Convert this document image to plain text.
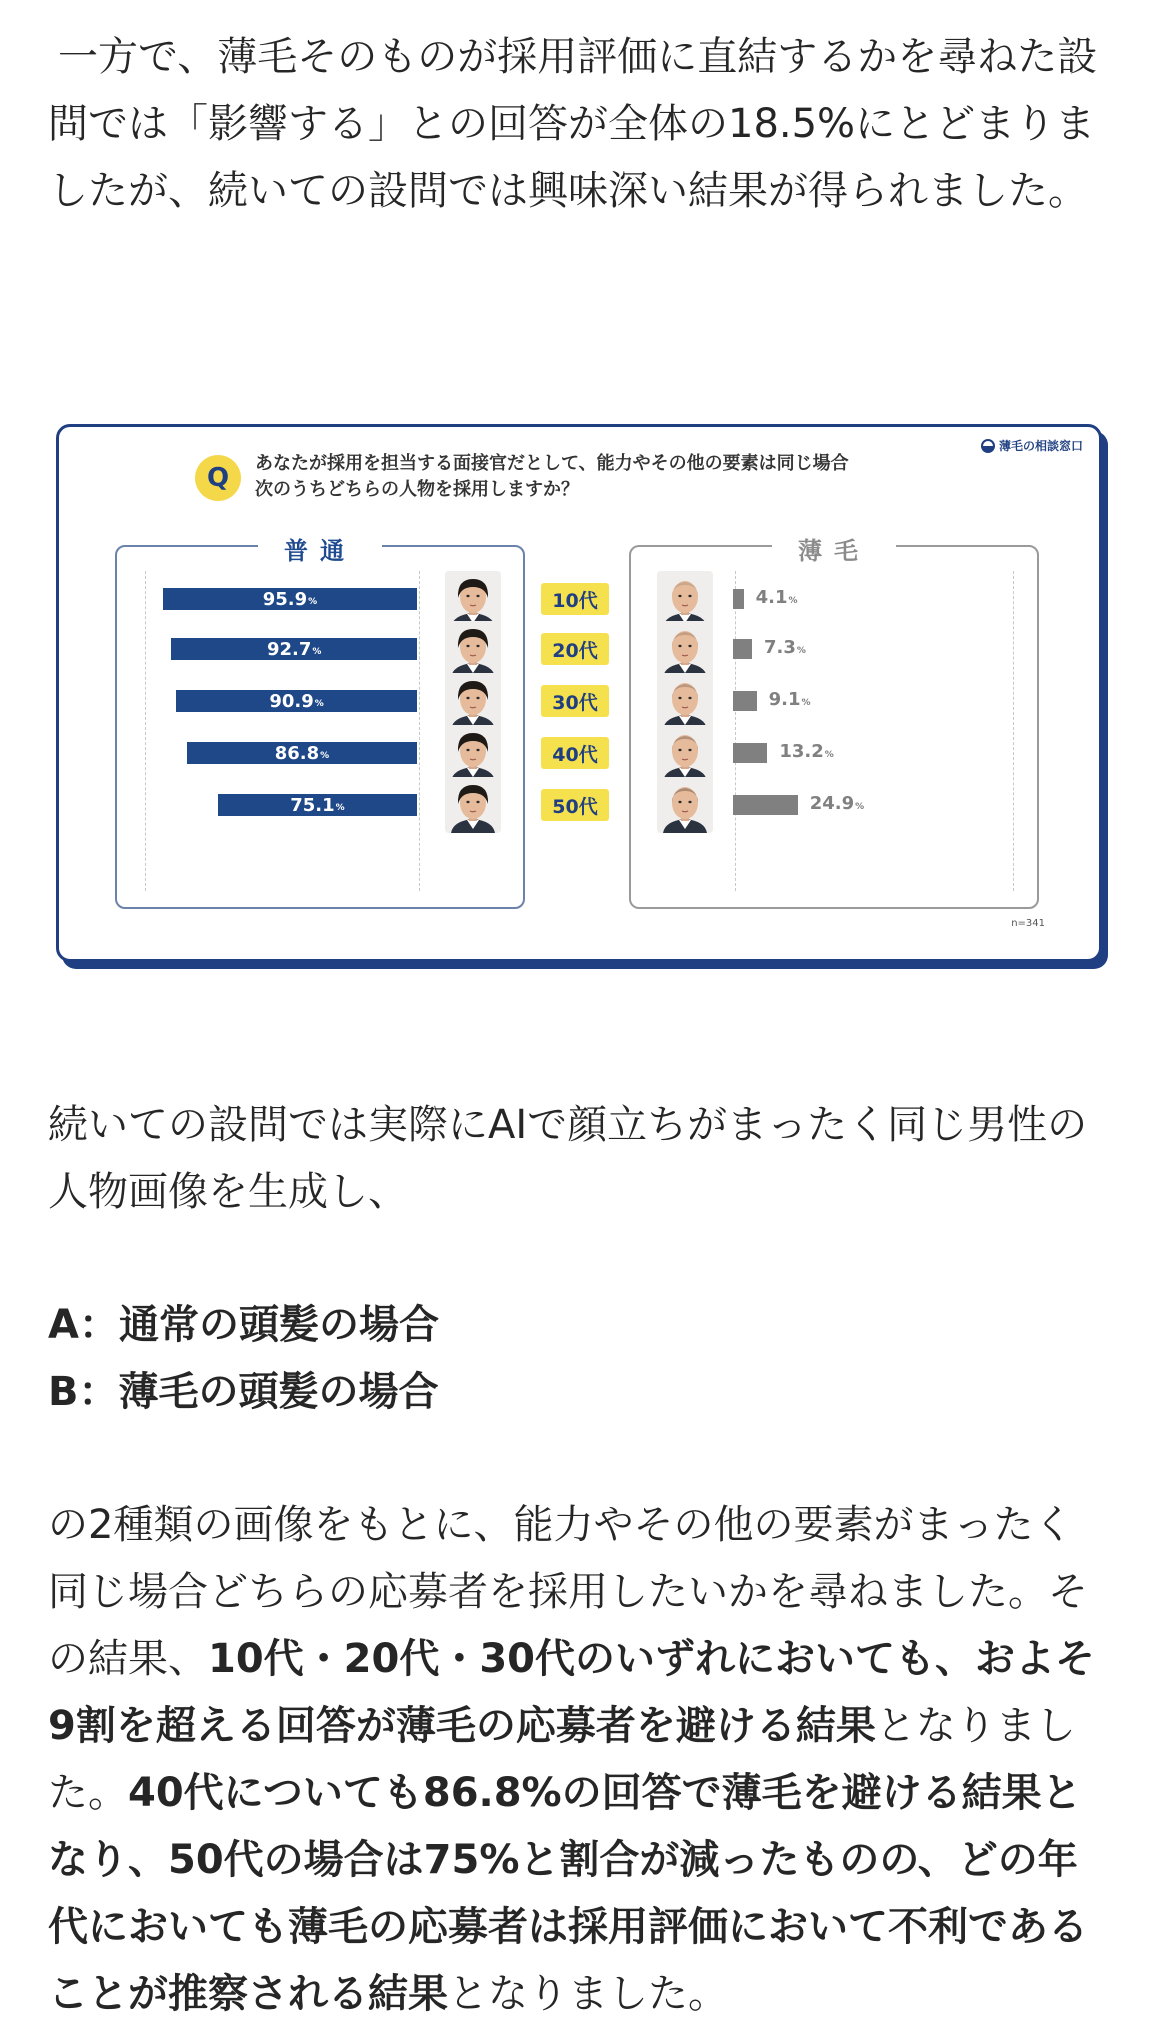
一方で、薄毛そのものが採用評価に直結するかを尋ねた設問では「影響する」との回答が全体の18.5%にとどまりましたが、続いての設問では興味深い結果が得られました。
薄毛の相談窓口
Q	あなたが採用を担当する面接官だとして、能力やその他の要素は同じ場合
次のうちどちらの人物を採用しますか？
普通	薄毛
95.9 %	10代	4.1%
92.7 %	20代	7.3%
90.9 %	30代	9.1%
86.8 %	40代	13.2%
75.1 %	50代	24.9%
n=341
続いての設問では実際にAIで顔立ちがまったく同じ男性の人物画像を生成し、
A：通常の頭髪の場合
B：薄毛の頭髪の場合
の2種類の画像をもとに、能力やその他の要素がまったく同じ場合どちらの応募者を採用したいかを尋ねました。その結果、10代・20代・30代のいずれにおいても、およそ9割を超える回答が薄毛の応募者を避ける結果となりました。40代についても86.8%の回答で薄毛を避ける結果となり、50代の場合は75%と割合が減ったものの、どの年代においても薄毛の応募者は採用評価において不利であることが推察される結果となりました。
